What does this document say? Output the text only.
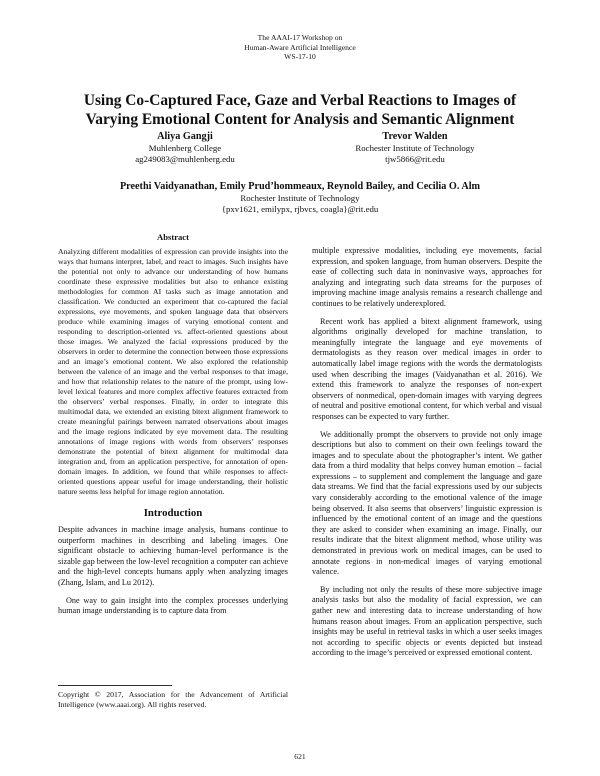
The AAAI-17 Workshop on
Human-Aware Artificial Intelligence
WS-17-10
Using Co-Captured Face, Gaze and Verbal Reactions to Images of
Varying Emotional Content for Analysis and Semantic Alignment
Aliya Gangji
Muhlenberg College
ag249083@muhlenberg.edu
Trevor Walden
Rochester Institute of Technology
tjw5866@rit.edu
Preethi Vaidyanathan, Emily Prud’hommeaux, Reynold Bailey, and Cecilia O. Alm
Rochester Institute of Technology
{pxv1621, emilypx, rjbvcs, coagla}@rit.edu

Abstract

Analyzing different modalities of expression can provide insights into the ways that humans interpret, label, and react to images. Such insights have the potential not only to advance our understanding of how humans coordinate these expressive modalities but also to enhance existing methodologies for common AI tasks such as image annotation and classification. We conducted an experiment that co-captured the facial expressions, eye movements, and spoken language data that observers produce while examining images of varying emotional content and responding to description-oriented vs. affect-oriented questions about those images. We analyzed the facial expressions produced by the observers in order to determine the connection between those expressions and an image’s emotional content. We also explored the relationship between the valence of an image and the verbal responses to that image, and how that relationship relates to the nature of the prompt, using low-level lexical features and more complex affective features extracted from the observers’ verbal responses. Finally, in order to integrate this multimodal data, we extended an existing bitext alignment framework to create meaningful pairings between narrated observations about images and the image regions indicated by eye movement data. The resulting annotations of image regions with words from observers’ responses demonstrate the potential of bitext alignment for multimodal data integration and, from an application perspective, for annotation of open-domain images. In addition, we found that while responses to affect-oriented questions appear useful for image understanding, their holistic nature seems less helpful for image region annotation.

Introduction

Despite advances in machine image analysis, humans continue to outperform machines in describing and labeling images. One significant obstacle to achieving human-level performance is the sizable gap between the low-level recognition a computer can achieve and the high-level concepts humans apply when analyzing images (Zhang, Islam, and Lu 2012).

One way to gain insight into the complex processes underlying human image understanding is to capture data from

Copyright © 2017, Association for the Advancement of Artificial Intelligence (www.aaai.org). All rights reserved.

multiple expressive modalities, including eye movements, facial expression, and spoken language, from human observers. Despite the ease of collecting such data in noninvasive ways, approaches for analyzing and integrating such data streams for the purposes of improving machine image analysis remains a research challenge and continues to be relatively underexplored.

Recent work has applied a bitext alignment framework, using algorithms originally developed for machine translation, to meaningfully integrate the language and eye movements of dermatologists as they reason over medical images in order to automatically label image regions with the words the dermatologists used when describing the images (Vaidyanathan et al. 2016). We extend this framework to analyze the responses of non-expert observers of nonmedical, open-domain images with varying degrees of neutral and positive emotional content, for which verbal and visual responses can be expected to vary further.

We additionally prompt the observers to provide not only image descriptions but also to comment on their own feelings toward the images and to speculate about the photographer’s intent. We gather data from a third modality that helps convey human emotion – facial expressions – to supplement and complement the language and gaze data streams. We find that the facial expressions used by our subjects vary considerably according to the emotional valence of the image being observed. It also seems that observers’ linguistic expression is influenced by the emotional content of an image and the questions they are asked to consider when examining an image. Finally, our results indicate that the bitext alignment method, whose utility was demonstrated in previous work on medical images, can be used to annotate regions in non-medical images of varying emotional valence.

By including not only the results of these more subjective image analysis tasks but also the modality of facial expression, we can gather new and interesting data to increase understanding of how humans reason about images. From an application perspective, such insights may be useful in retrieval tasks in which a user seeks images not according to specific objects or events depicted but instead according to the image’s perceived or expressed emotional content.

621
